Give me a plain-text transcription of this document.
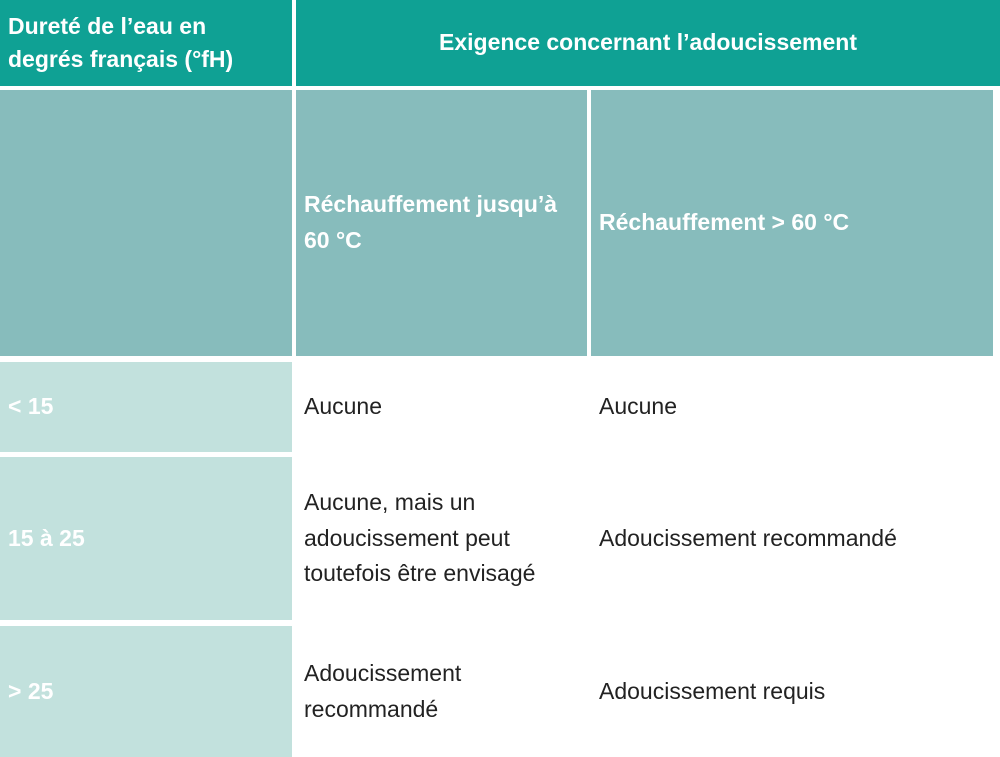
Dureté de l’eau en degrés français (°fH)
Exigence concernant l’adoucissement
Réchauffement jusqu’à 60 °C
Réchauffement > 60 °C
< 15	Aucune	Aucune
15 à 25
Aucune, mais un adoucissement peut toutefois être envisagé
Adoucissement recommandé
> 25
Adoucissement recommandé
Adoucissement requis
